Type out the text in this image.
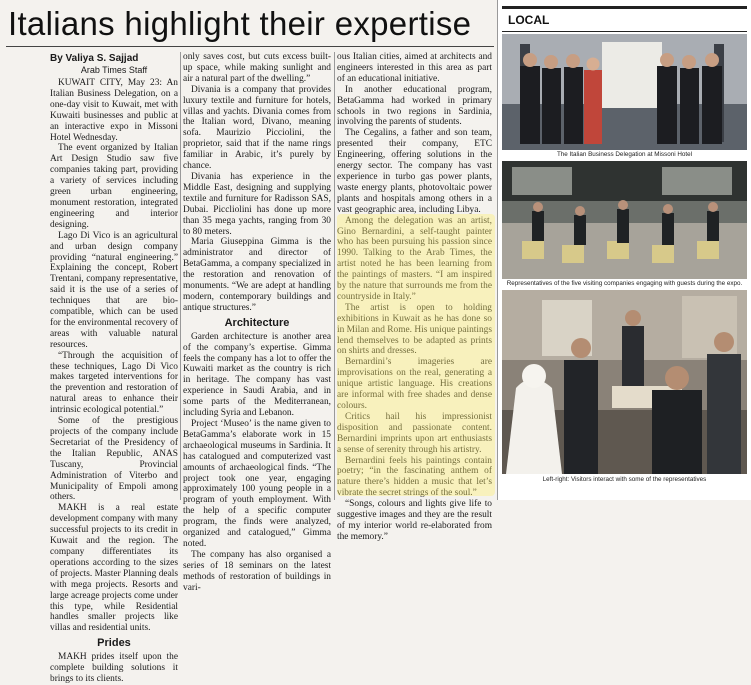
Italians highlight their expertise
By Valiya S. Sajjad
Arab Times Staff

KUWAIT CITY, May 23: An Italian Business Delegation, on a one-day visit to Kuwait, met with Kuwaiti businesses and public at an interactive expo in Missoni Hotel Wednesday.

The event organized by Italian Art Design Studio saw five companies taking part, providing a variety of services including green urban engineering, monument restoration, integrated engineering and interior designing.

Lago Di Vico is an agricultural and urban design company providing “natural engineering.” Explaining the concept, Robert Trentani, company representative, said it is the use of a series of techniques that are bio-compatible, which can be used for the environmental recovery of areas with valuable natural resources.

“Through the acquisition of these techniques, Lago Di Vico makes targeted interventions for the prevention and restoration of natural areas to enhance their intrinsic ecological potential.”

Some of the prestigious projects of the company include Secretariat of the Presidency of the Italian Republic, ANAS Tuscany, Provincial Administration of Viterbo and Municipality of Empoli among others.

MAKH is a real estate development company with many successful projects to its credit in Kuwait and the region. The company differentiates its operations according to the sizes of projects. Master Planning deals with mega projects. Resorts and large acreage projects come under this type, while Residential handles smaller projects like villas and residential units.

Prides

MAKH prides itself upon the complete building solutions it brings to its clients.

only saves cost, but cuts excess built-up space, while making sunlight and air a natural part of the dwelling.”

Divania is a company that provides luxury textile and furniture for hotels, villas and yachts. Divania comes from the Italian word, Divano, meaning sofa. Maurizio Picciolini, the proprietor, said that if the name rings familiar in Arabic, it’s purely by chance.

Divania has experience in the Middle East, designing and supplying textile and furniture for Radisson SAS, Dubai. Piccliolini has done up more than 35 mega yachts, ranging from 30 to 80 meters.

Maria Giuseppina Gimma is the administrator and director of BetaGamma, a company specialized in the restoration and renovation of monuments. “We are adept at handling modern, contemporary buildings and antique structures.”

Architecture

Garden architecture is another area of the company’s expertise. Gimma feels the company has a lot to offer the Kuwaiti market as the country is rich in heritage. The company has vast experience in Saudi Arabia, and in some parts of the Mediterranean, including Syria and Lebanon.

Project ‘Museo’ is the name given to BetaGamma’s elaborate work in 15 archaeological museums in Sardinia. It has catalogued and computerized vast amounts of archaeological finds. “The project took one year, engaging approximately 100 young people in a program of youth employment. With the help of a specific computer program, the finds were analyzed, organized and catalogued,” Gimma noted.

The company has also organised a series of 18 seminars on the latest methods of restoration of buildings in vari-

ous Italian cities, aimed at architects and engineers interested in this area as part of an educational initiative.

In another educational program, BetaGamma had worked in primary schools in two regions in Sardinia, involving the parents of students.

The Cegalins, a father and son team, presented their company, ETC Engineering, offering solutions in the energy sector. The company has vast experience in turbo gas power plants, waste energy plants, photovoltaic power plants and hospitals among others in a vast geographic area, including Libya.

Among the delegation was an artist, Gino Bernardini, a self-taught painter who has been pursuing his passion since 1990. Talking to the Arab Times, the artist noted he has been learning from the paintings of masters. “I am inspired by the nature that surrounds me from the countryside in Italy.”

The artist is open to holding exhibitions in Kuwait as he has done so in Milan and Rome. His unique paintings lend themselves to be adapted as prints on shirts and dresses.

Bernardini’s imageries are improvisations on the real, generating a unique artistic language. His creations are informal with free shades and dense colours.

Critics hail his impressionist disposition and passionate content. Bernardini imprints upon art enthusiasts a sense of serenity through his artistry.

Bernardini feels his paintings contain poetry; “in the fascinating anthem of nature there’s hidden a music that let’s vibrate the secret strings of the soul.”

“Songs, colours and lights give life to suggestive images and they are the result of my interior world re-elaborated from the memory.”

LOCAL
The Italian Business Delegation at Missoni Hotel
Representatives of the five visiting companies engaging with guests during the expo.
Left-right: Visitors interact with some of the representatives
